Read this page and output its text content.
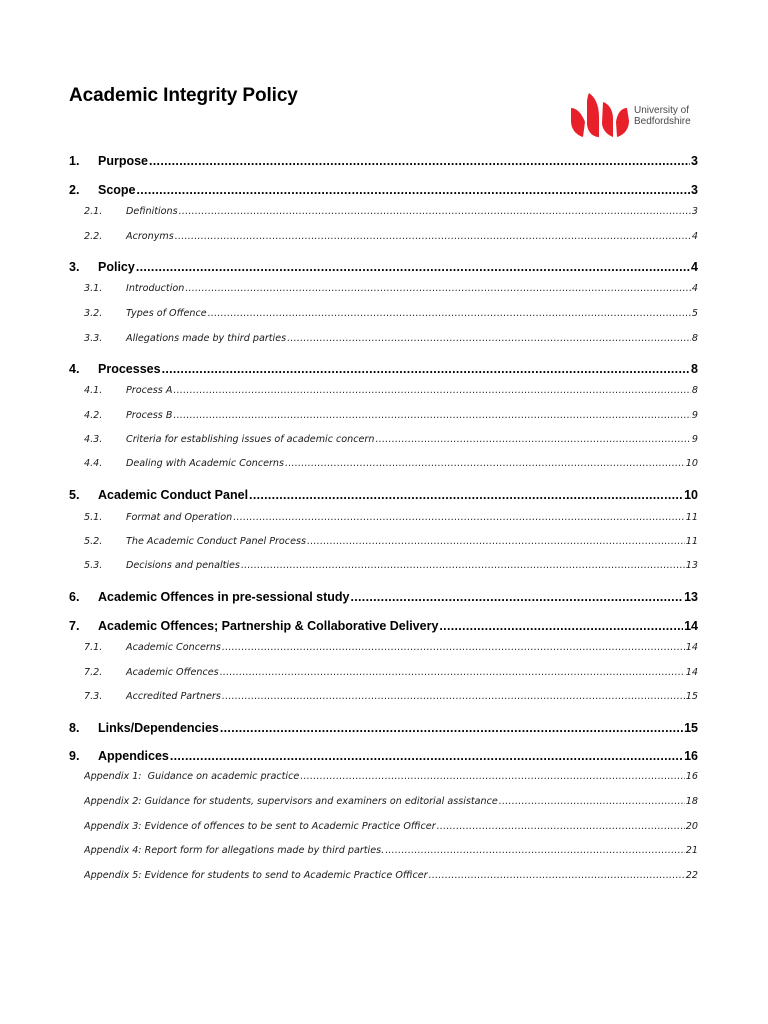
Academic Integrity Policy
University of
Bedfordshire
1.	Purpose .....	3
2.	Scope .....	3
2.1.	Definitions .....	3
2.2.	Acronyms .....	4
3.	Policy .....	4
3.1.	Introduction .....	4
3.2.	Types of Offence .....	5
3.3.	Allegations made by third parties .....	8
4.	Processes .....	8
4.1.	Process A .....	8
4.2.	Process B .....	9
4.3.	Criteria for establishing issues of academic concern .....	9
4.4.	Dealing with Academic Concerns .....	10
5.	Academic Conduct Panel .....	10
5.1.	Format and Operation .....	11
5.2.	The Academic Conduct Panel Process .....	11
5.3.	Decisions and penalties .....	13
6.	Academic Offences in pre-sessional study .....	13
7.	Academic Offences; Partnership & Collaborative Delivery .....	14
7.1.	Academic Concerns .....	14
7.2.	Academic Offences .....	14
7.3.	Accredited Partners .....	15
8.	Links/Dependencies .....	15
9.	Appendices .....	16
Appendix 1:  Guidance on academic practice .....	16
Appendix 2: Guidance for students, supervisors and examiners on editorial assistance .....	18
Appendix 3: Evidence of offences to be sent to Academic Practice Officer .....	20
Appendix 4: Report form for allegations made by third parties. .....	21
Appendix 5: Evidence for students to send to Academic Practice Officer .....	22
